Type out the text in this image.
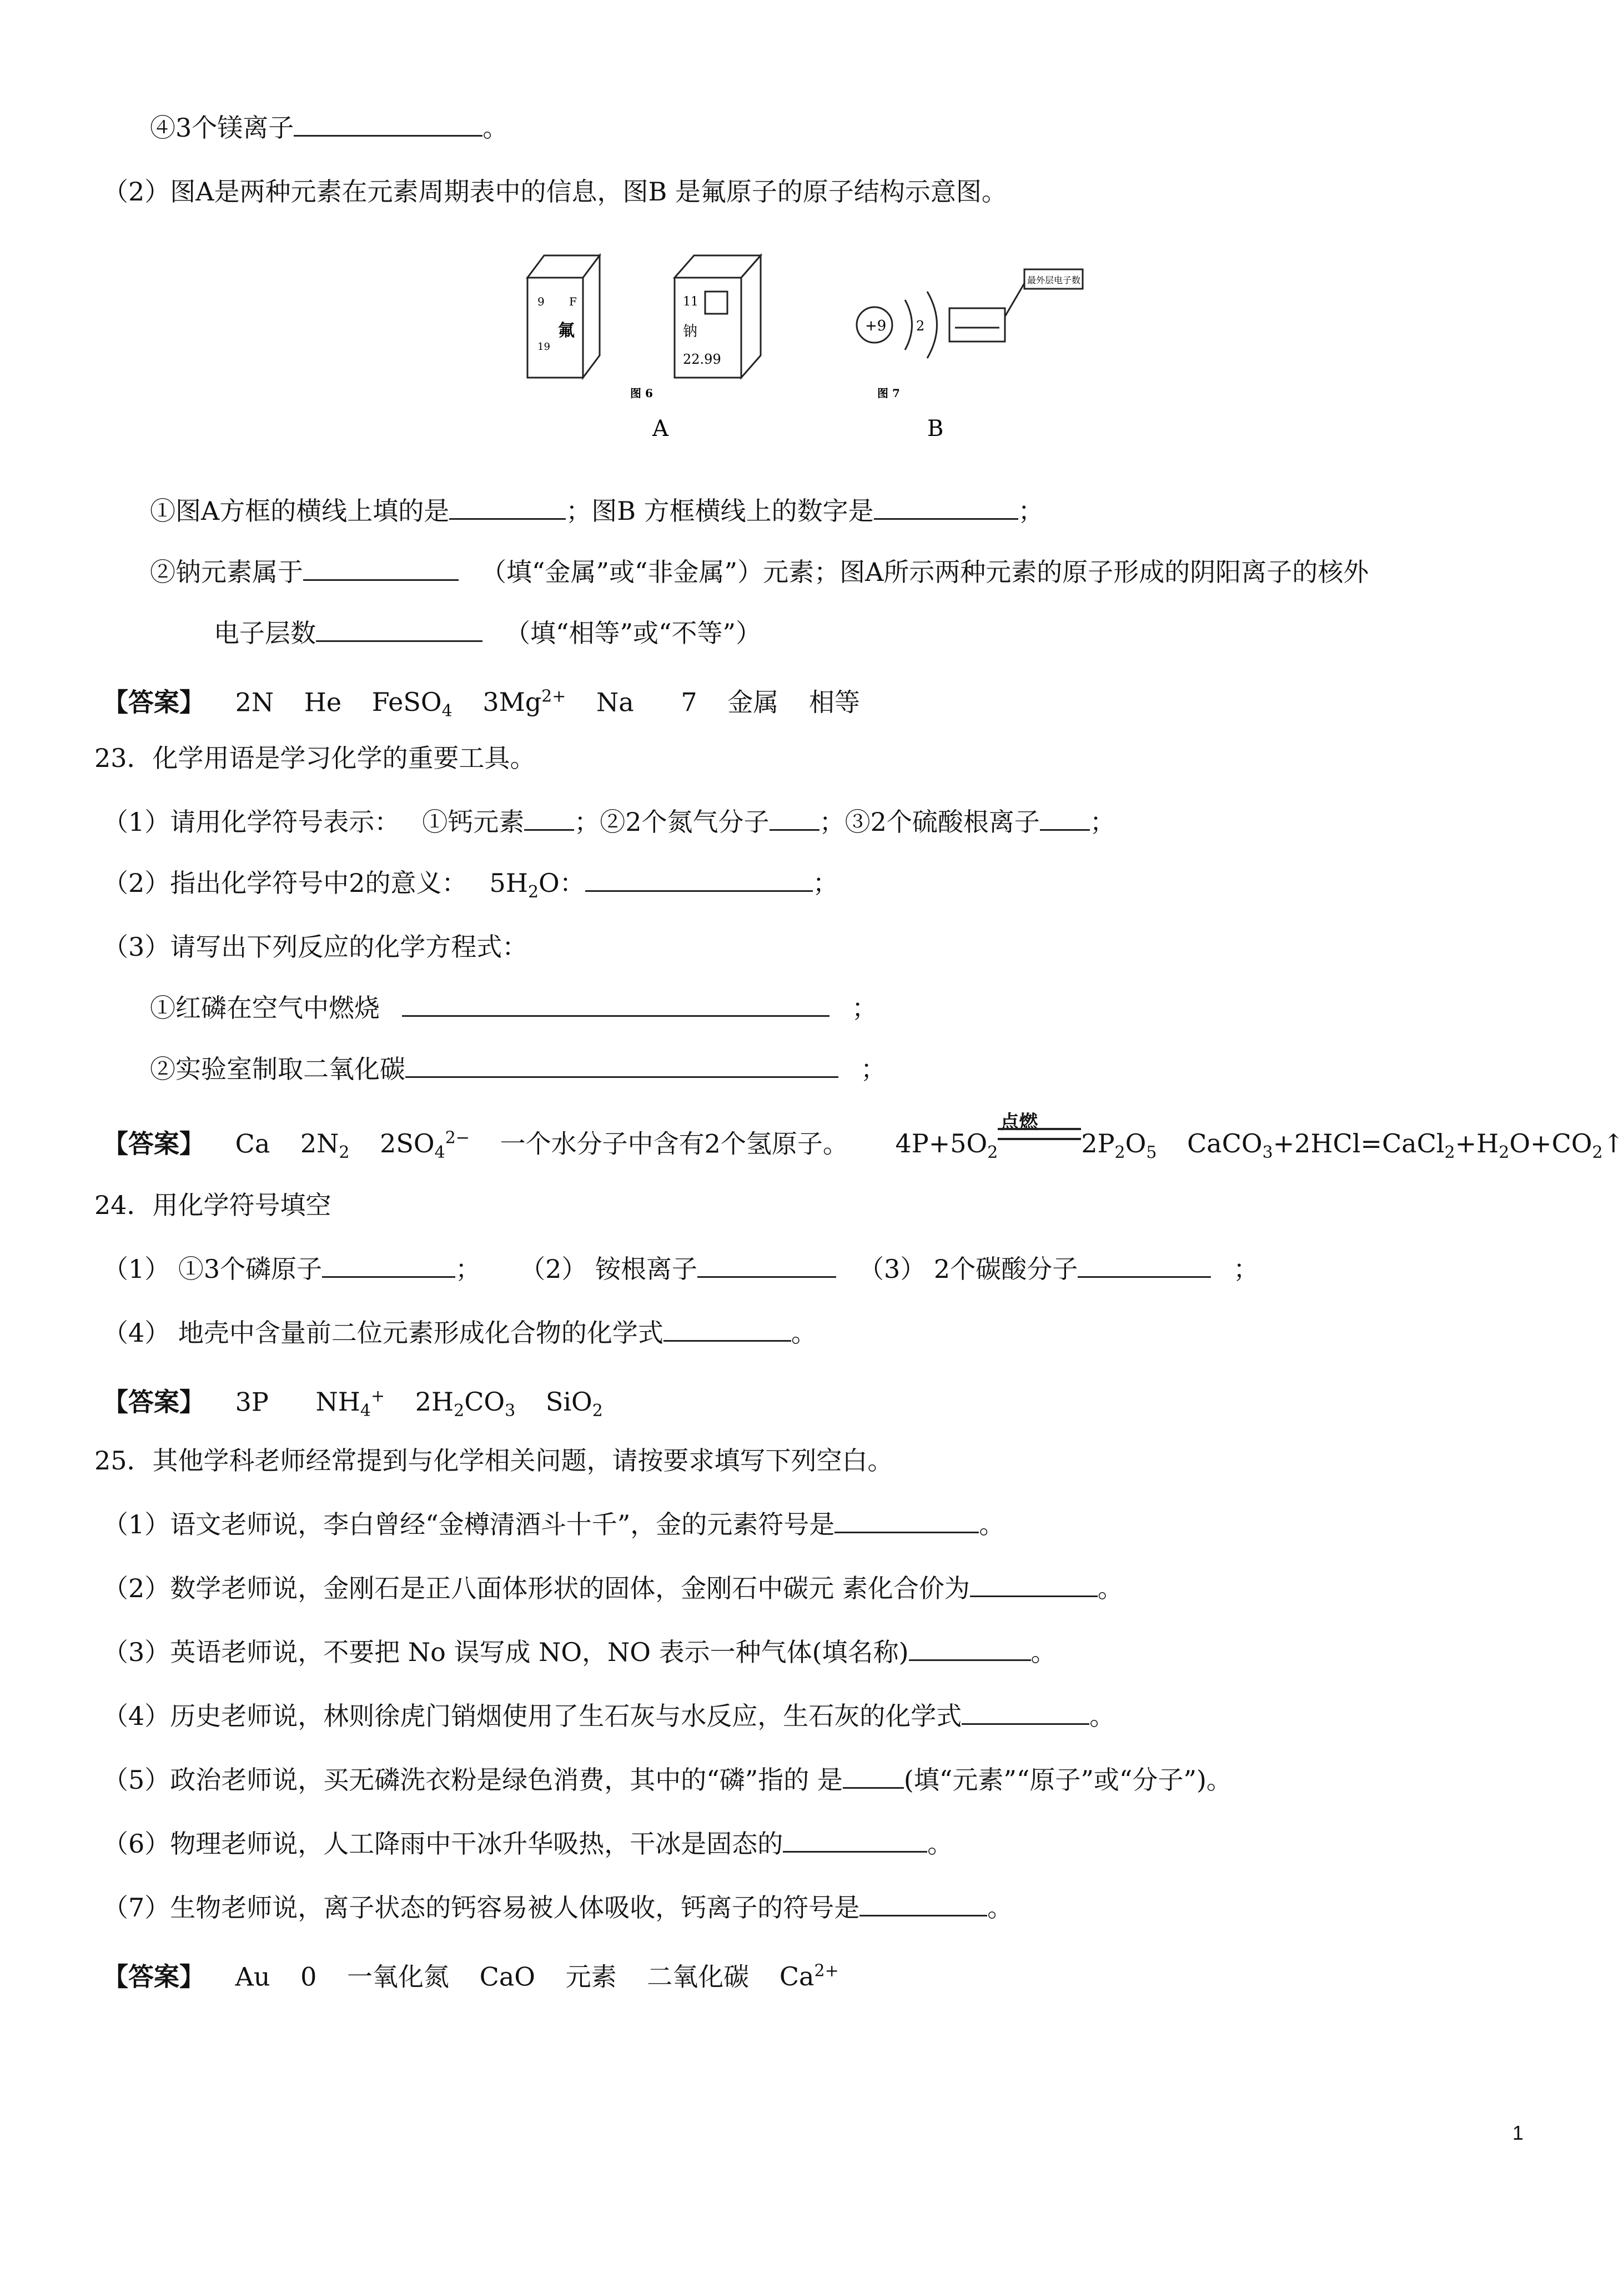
④3个镁离子	。
（2）图A是两种元素在元素周期表中的信息，图B 是氟原子的原子结构示意图。
9 F
氟
19
11
钠
22.99
图 6
A
+9 2
最外层电子数
图 7
B
①图A方框的横线上填的是	；图B 方框横线上的数字是	；
②钠元素属于	（填“金属”或“非金属”）元素；图A所示两种元素的原子形成的阴阳离子的核外
电子层数	（填“相等”或“不等”）
【答案】 2N He FeSO$_4$ $3Mg^{2+}$ Na 7 金属 相等
23．化学用语是学习化学的重要工具。
（1）请用化学符号表示： ①钙元素 ；②2个氮气分子 ；③2个硫酸根离子 ；
（2）指出化学符号中2的意义： $5H_2O$：	；
（3）请写出下列反应的化学方程式：
①红磷在空气中燃烧	；
②实验室制取二氧化碳	；
【答案】 Ca $2N_2$ $2SO_4^{2-}$ 一个水分子中含有2个氢原子。 $4P+5O_2$
点燃
$2P_2O_5$ $CaCO_3+2HCl=CaCl_2+H_2O+CO_2↑$
24．用化学符号填空
（1） ①3个磷原子	； （2） 铵根离子	（3） 2个碳酸分子	；
（4） 地壳中含量前二位元素形成化合物的化学式	。
【答案】 3P $NH_4^+$ $2H_2CO_3$ SiO$_2$
25．其他学科老师经常提到与化学相关问题，请按要求填写下列空白。
（1）语文老师说，李白曾经“金樽清酒斗十千”，金的元素符号是	。
（2）数学老师说，金刚石是正八面体形状的固体，金刚石中碳元 素化合价为	。
（3）英语老师说，不要把 No 误写成 NO，NO 表示一种气体(填名称)	。
（4）历史老师说，林则徐虎门销烟使用了生石灰与水反应，生石灰的化学式	。
（5）政治老师说，买无磷洗衣粉是绿色消费，其中的“磷”指的 是 (填“元素”“原子”或“分子”)。
（6）物理老师说，人工降雨中干冰升华吸热，干冰是固态的	。
（7）生物老师说，离子状态的钙容易被人体吸收，钙离子的符号是	。
【答案】 Au 0 一氧化氮 CaO 元素 二氧化碳 $Ca^{2+}$
1
